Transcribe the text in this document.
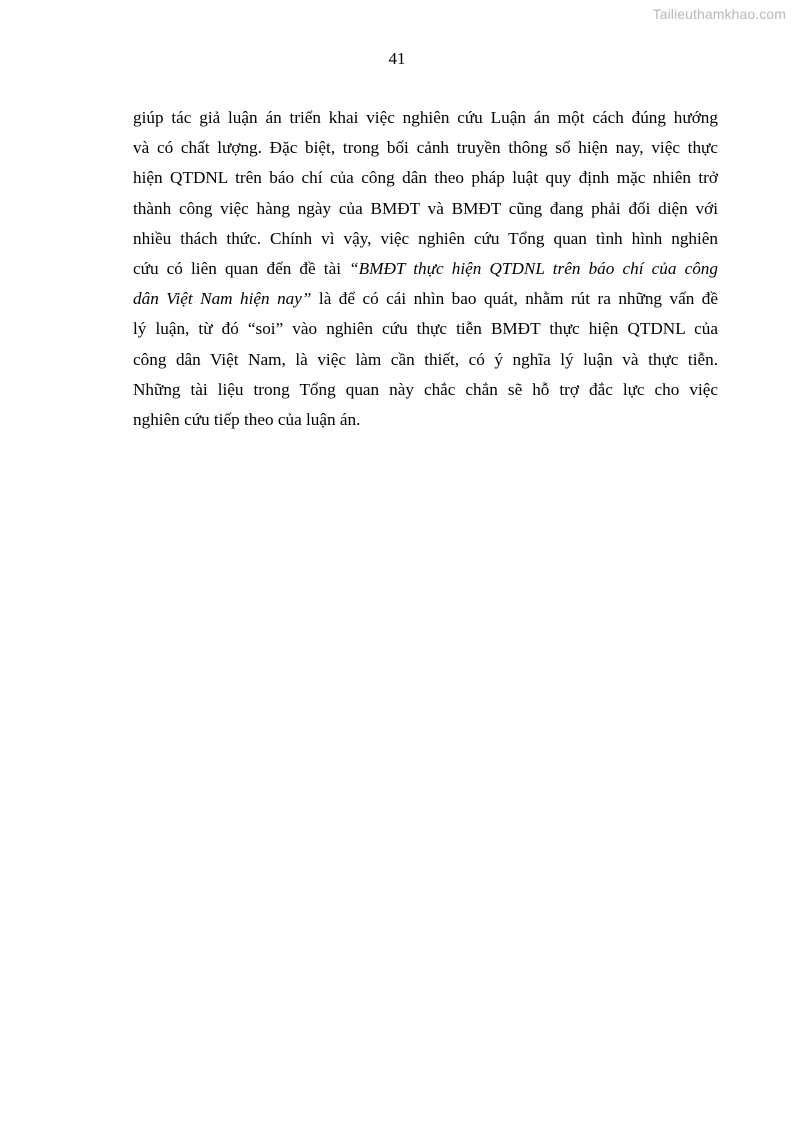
Tailieuthamkhao.com
41
giúp tác giả luận án triển khai việc nghiên cứu Luận án một cách đúng hướng
và có chất lượng. Đặc biệt, trong bối cảnh truyền thông số hiện nay, việc thực
hiện QTDNL trên báo chí của công dân theo pháp luật quy định mặc nhiên trở
thành công việc hàng ngày của BMĐT và BMĐT cũng đang phải đối diện với
nhiều thách thức. Chính vì vậy, việc nghiên cứu Tổng quan tình hình nghiên
cứu có liên quan đến đề tài “BMĐT thực hiện QTDNL trên báo chí của công
dân Việt Nam hiện nay” là để có cái nhìn bao quát, nhằm rút ra những vấn đề
lý luận, từ đó “soi” vào nghiên cứu thực tiễn BMĐT thực hiện QTDNL của
công dân Việt Nam, là việc làm cần thiết, có ý nghĩa lý luận và thực tiễn.
Những tài liệu trong Tổng quan này chắc chắn sẽ hỗ trợ đắc lực cho việc
nghiên cứu tiếp theo của luận án.
